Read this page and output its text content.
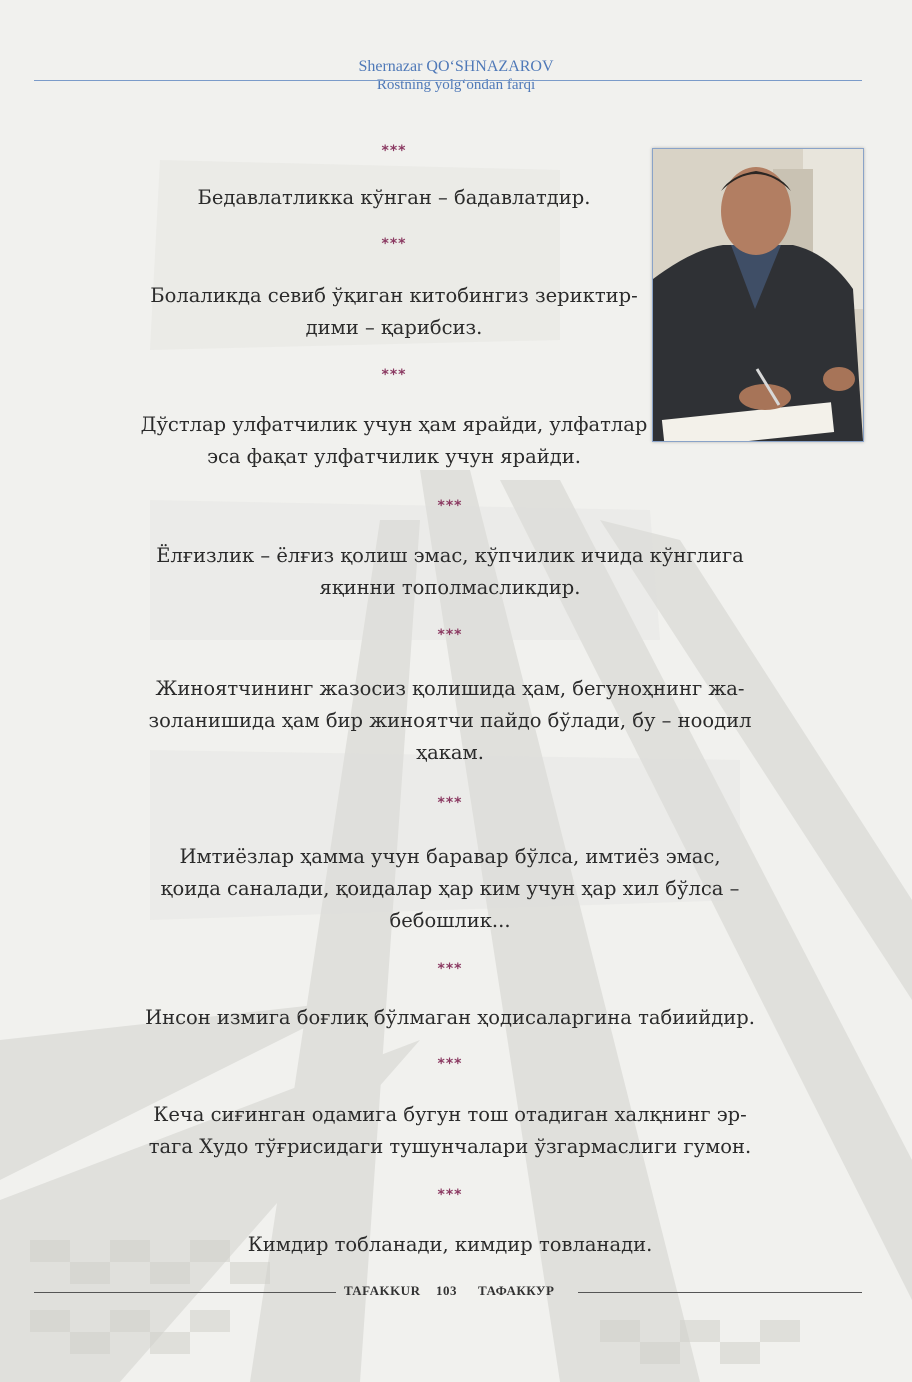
Shernazar QO‘SHNAZAROV
Rostning yolg‘ondan farqi
***
***
***
***
***
***
***
***
***
Бедавлатликка кўнган – бадавлатдир.
Болаликда севиб ўқиган китобингиз зериктир-
дими – қарибсиз.
Дўстлар улфатчилик учун ҳам ярайди, улфатлар
эса фақат улфатчилик учун ярайди.
Ёлғизлик – ёлғиз қолиш эмас, кўпчилик ичида кўнглига
яқинни тополмасликдир.
Жиноятчининг жазосиз қолишида ҳам, бегуноҳнинг жа-
золанишида ҳам бир жиноятчи пайдо бўлади, бу – ноодил
ҳакам.
Имтиёзлар ҳамма учун баравар бўлса, имтиёз эмас,
қоида саналади, қоидалар ҳар ким учун ҳар хил бўлса –
бебошлик...
Инсон измига боғлиқ бўлмаган ҳодисаларгина табиийдир.
Кеча сиғинган одамига бугун тош отадиган халқнинг эр-
тага Худо тўғрисидаги тушунчалари ўзгармаслиги гумон.
Кимдир тобланади, кимдир товланади.
TAFAKKUR 103 ТАФАККУР
